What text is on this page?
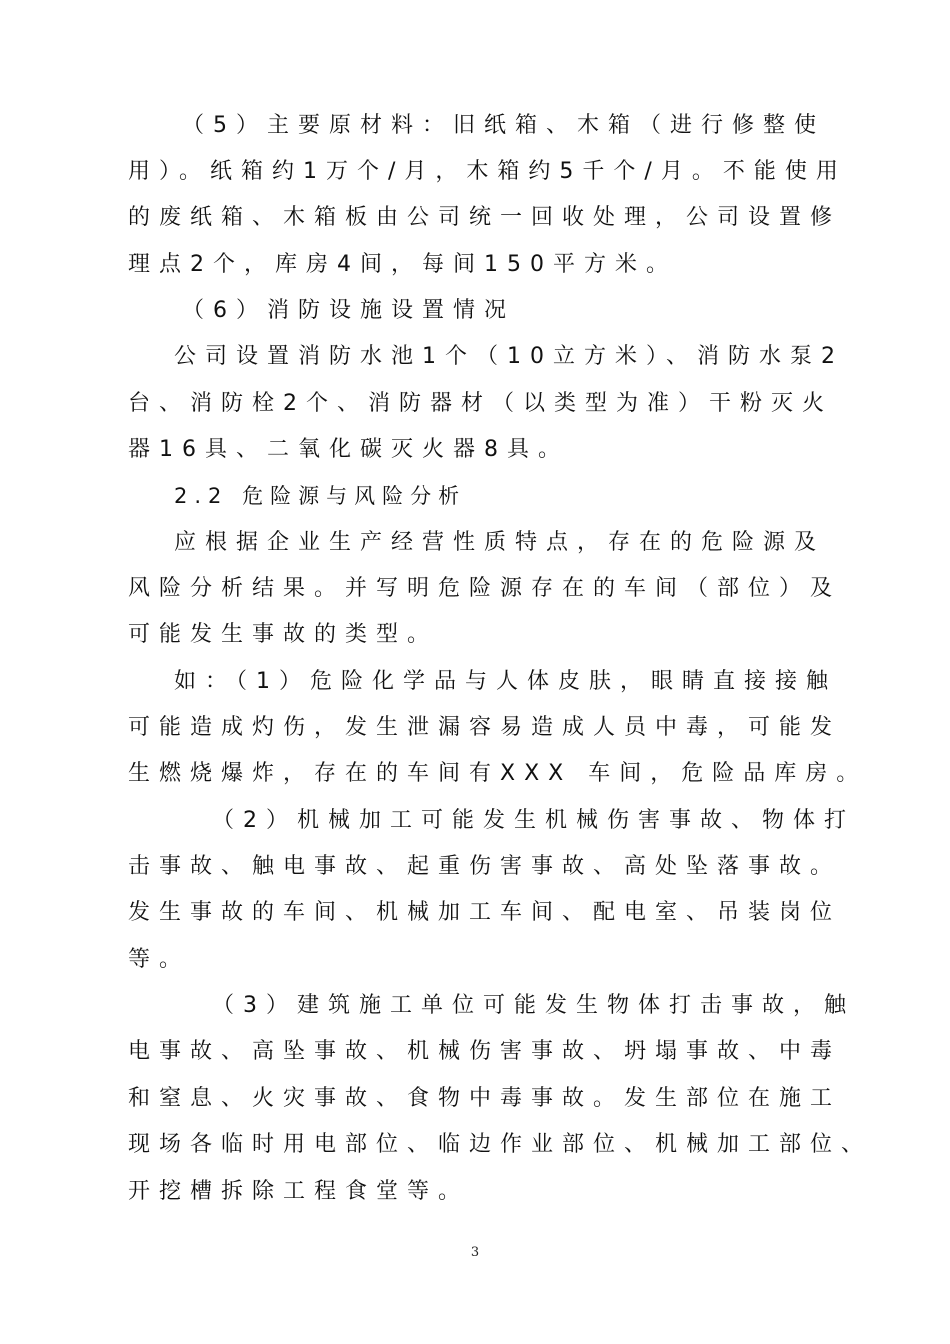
（5）主要原材料：旧纸箱、木箱（进行修整使
用）。纸箱约1万个/月，木箱约5千个/月。不能使用
的废纸箱、木箱板由公司统一回收处理，公司设置修
理点2个，库房4间，每间150平方米。
（6）消防设施设置情况
公司设置消防水池1个（10立方米）、消防水泵2
台、消防栓2个、消防器材（以类型为准）干粉灭火
器16具、二氧化碳灭火器8具。
2.2 危险源与风险分析
应根据企业生产经营性质特点，存在的危险源及
风险分析结果。并写明危险源存在的车间（部位）及
可能发生事故的类型。
如：（1）危险化学品与人体皮肤，眼睛直接接触
可能造成灼伤，发生泄漏容易造成人员中毒，可能发
生燃烧爆炸，存在的车间有XXX 车间，危险品库房。
（2）机械加工可能发生机械伤害事故、物体打
击事故、触电事故、起重伤害事故、高处坠落事故。
发生事故的车间、机械加工车间、配电室、吊装岗位
等。
（3）建筑施工单位可能发生物体打击事故，触
电事故、高坠事故、机械伤害事故、坍塌事故、中毒
和窒息、火灾事故、食物中毒事故。发生部位在施工
现场各临时用电部位、临边作业部位、机械加工部位、
开挖槽拆除工程食堂等。
3
